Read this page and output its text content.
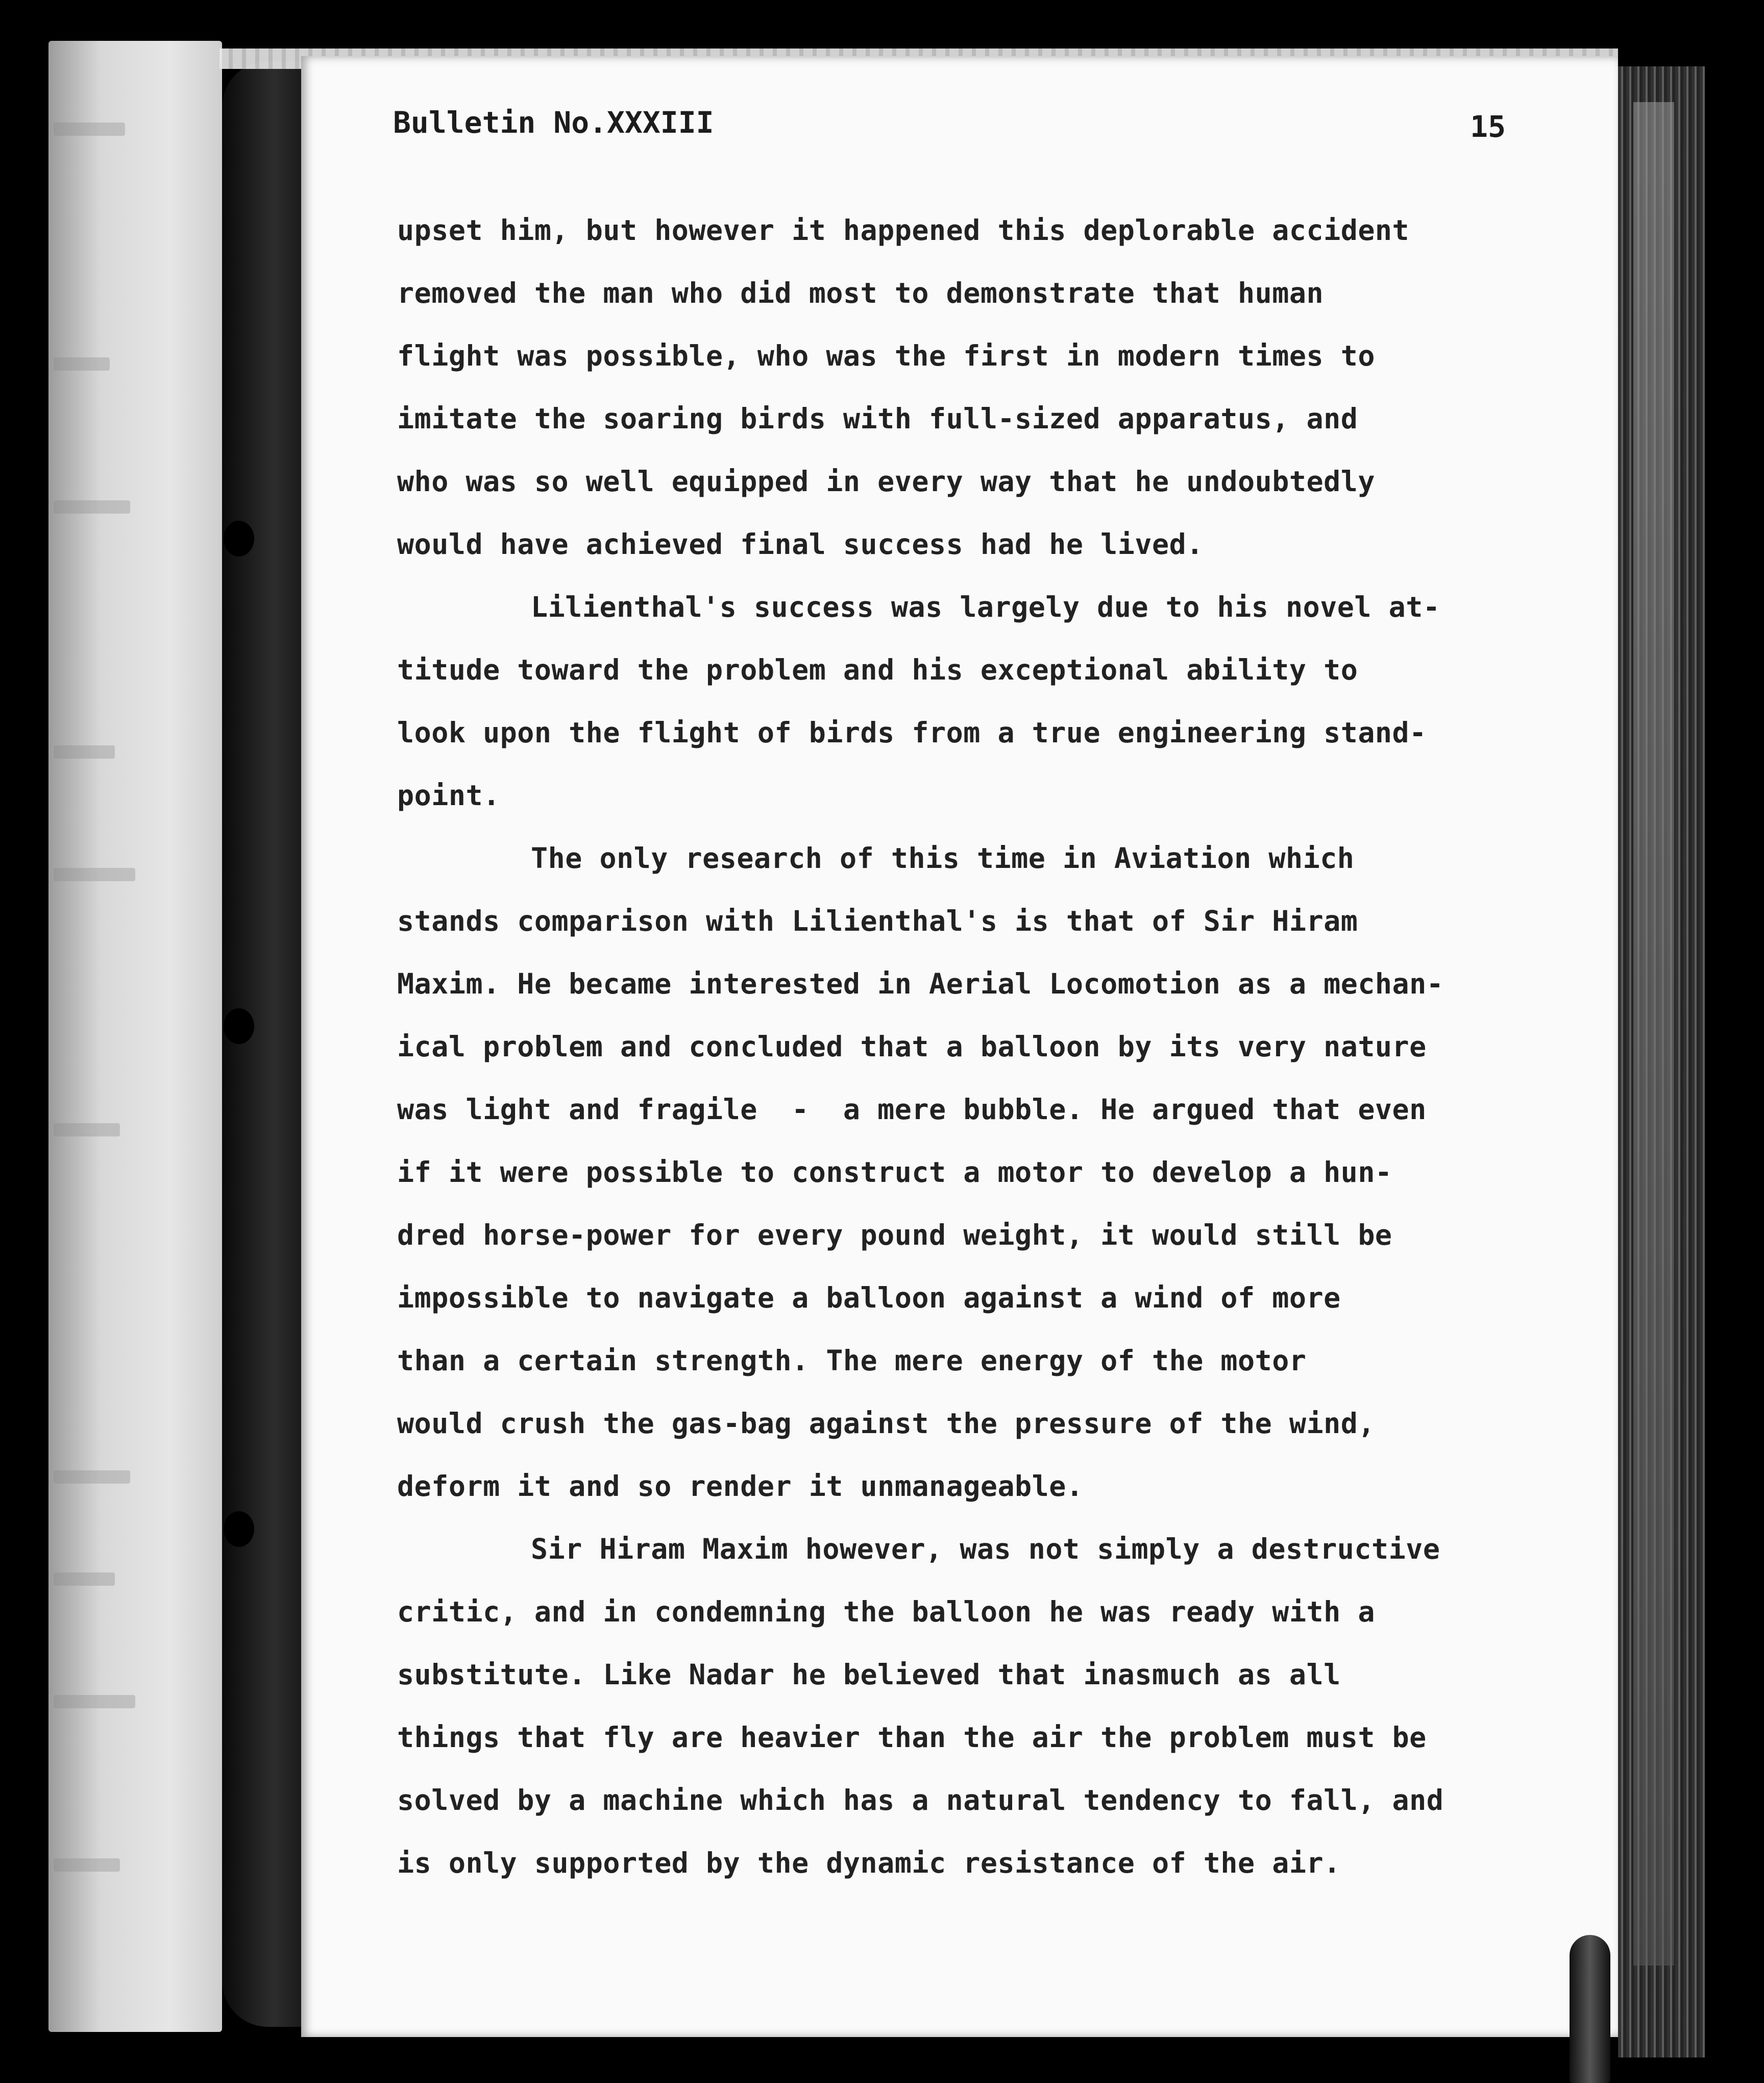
Bulletin No.XXXIII	15
upset him, but however it happened this deplorable accident
removed the man who did most to demonstrate that human
flight was possible, who was the first in modern times to
imitate the soaring birds with full-sized apparatus, and
who was so well equipped in every way that he undoubtedly
would have achieved final success had he lived.
Lilienthal's success was largely due to his novel at-
titude toward the problem and his exceptional ability to
look upon the flight of birds from a true engineering stand-
point.
The only research of this time in Aviation which
stands comparison with Lilienthal's is that of Sir Hiram
Maxim. He became interested in Aerial Locomotion as a mechan-
ical problem and concluded that a balloon by its very nature
was light and fragile  -  a mere bubble. He argued that even
if it were possible to construct a motor to develop a hun-
dred horse-power for every pound weight, it would still be
impossible to navigate a balloon against a wind of more
than a certain strength. The mere energy of the motor
would crush the gas-bag against the pressure of the wind,
deform it and so render it unmanageable.
Sir Hiram Maxim however, was not simply a destructive
critic, and in condemning the balloon he was ready with a
substitute. Like Nadar he believed that inasmuch as all
things that fly are heavier than the air the problem must be
solved by a machine which has a natural tendency to fall, and
is only supported by the dynamic resistance of the air.
